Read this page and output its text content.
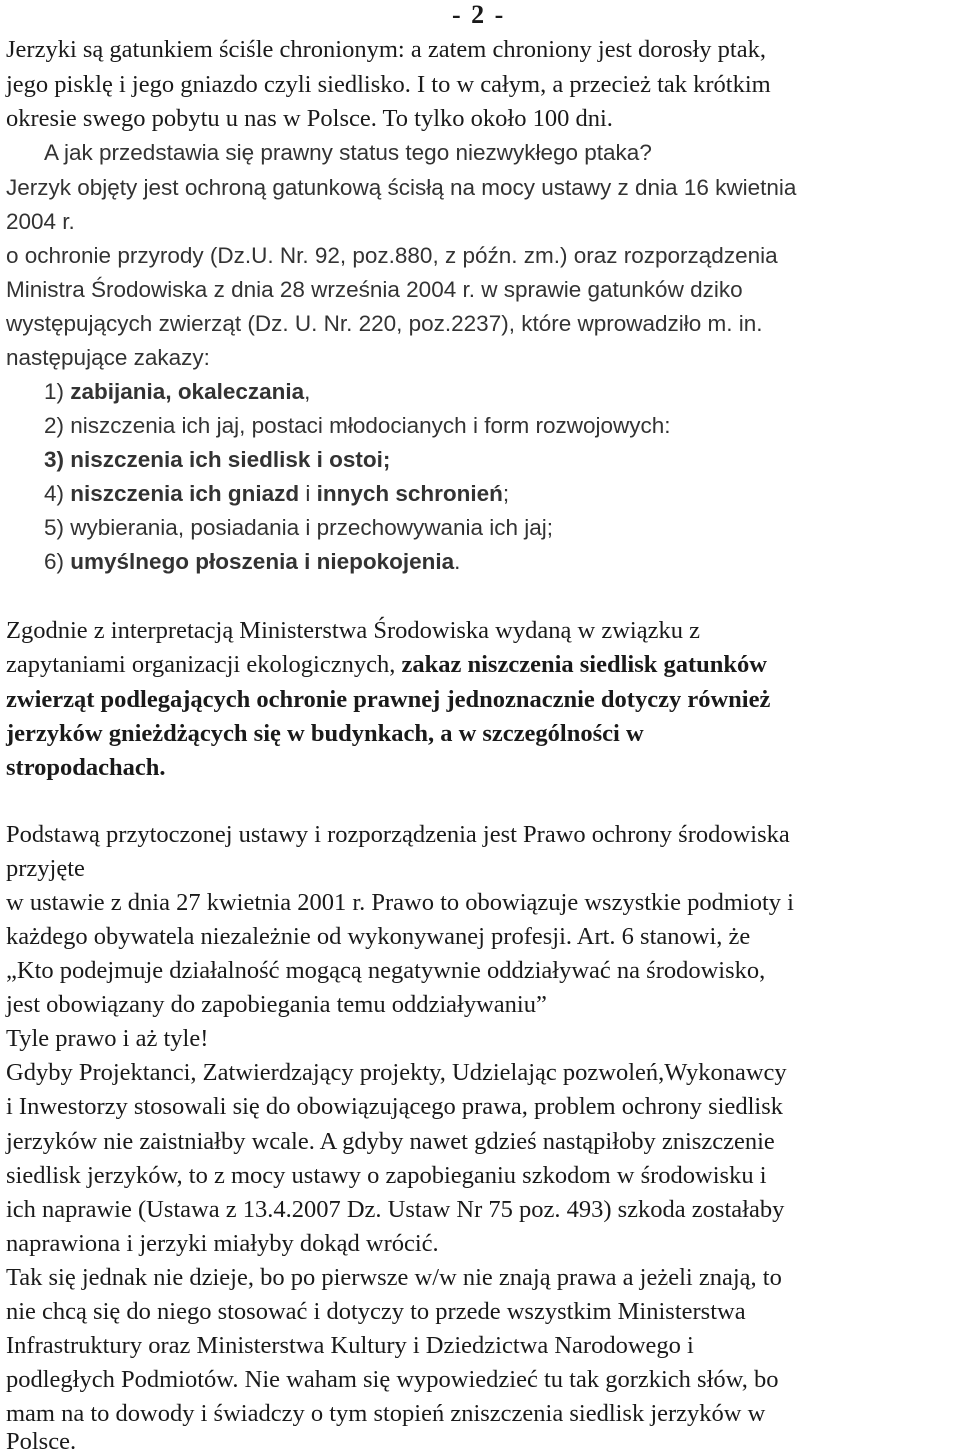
- 2 -
Jerzyki są gatunkiem ściśle chronionym: a zatem chroniony jest dorosły ptak,
jego pisklę i jego gniazdo czyli siedlisko. I to w całym, a przecież tak krótkim
okresie swego pobytu u nas w Polsce. To tylko około 100 dni.
A jak przedstawia się prawny status tego niezwykłego ptaka?
Jerzyk objęty jest ochroną gatunkową ścisłą na mocy ustawy z dnia 16 kwietnia
2004 r.
o ochronie przyrody (Dz.U. Nr. 92, poz.880, z późn. zm.) oraz rozporządzenia
Ministra Środowiska z dnia 28 września 2004 r. w sprawie gatunków dziko
występujących zwierząt (Dz. U. Nr. 220, poz.2237), które wprowadziło m. in.
następujące zakazy:
1) zabijania, okaleczania,
2) niszczenia ich jaj, postaci młodocianych i form rozwojowych:
3) niszczenia ich siedlisk i ostoi;
4) niszczenia ich gniazd i innych schronień;
5) wybierania, posiadania i przechowywania ich jaj;
6) umyślnego płoszenia i niepokojenia.
Zgodnie z interpretacją Ministerstwa Środowiska wydaną w związku z
zapytaniami organizacji ekologicznych, zakaz niszczenia siedlisk gatunków
zwierząt podlegających ochronie prawnej jednoznacznie dotyczy również
jerzyków gnieżdżących się w budynkach, a w szczególności w
stropodachach.
Podstawą przytoczonej ustawy i rozporządzenia jest Prawo ochrony środowiska
przyjęte
w ustawie z dnia 27 kwietnia 2001 r. Prawo to obowiązuje wszystkie podmioty i
każdego obywatela niezależnie od wykonywanej profesji. Art. 6 stanowi, że
„Kto podejmuje działalność mogącą negatywnie oddziaływać na środowisko,
jest obowiązany do zapobiegania temu oddziaływaniu”
Tyle prawo i aż tyle!
Gdyby Projektanci, Zatwierdzający projekty, Udzielając pozwoleń,Wykonawcy
i Inwestorzy stosowali się do obowiązującego prawa, problem ochrony siedlisk
jerzyków nie zaistniałby wcale. A gdyby nawet gdzieś nastąpiłoby zniszczenie
siedlisk jerzyków, to z mocy ustawy o zapobieganiu szkodom w środowisku i
ich naprawie (Ustawa z 13.4.2007 Dz. Ustaw Nr 75 poz. 493) szkoda zostałaby
naprawiona i jerzyki miałyby dokąd wrócić.
Tak się jednak nie dzieje, bo po pierwsze w/w nie znają prawa a jeżeli znają, to
nie chcą się do niego stosować i dotyczy to przede wszystkim Ministerstwa
Infrastruktury oraz Ministerstwa Kultury i Dziedzictwa Narodowego i
podległych Podmiotów. Nie waham się wypowiedzieć tu tak gorzkich słów, bo
mam na to dowody i świadczy o tym stopień zniszczenia siedlisk jerzyków w
Polsce.
